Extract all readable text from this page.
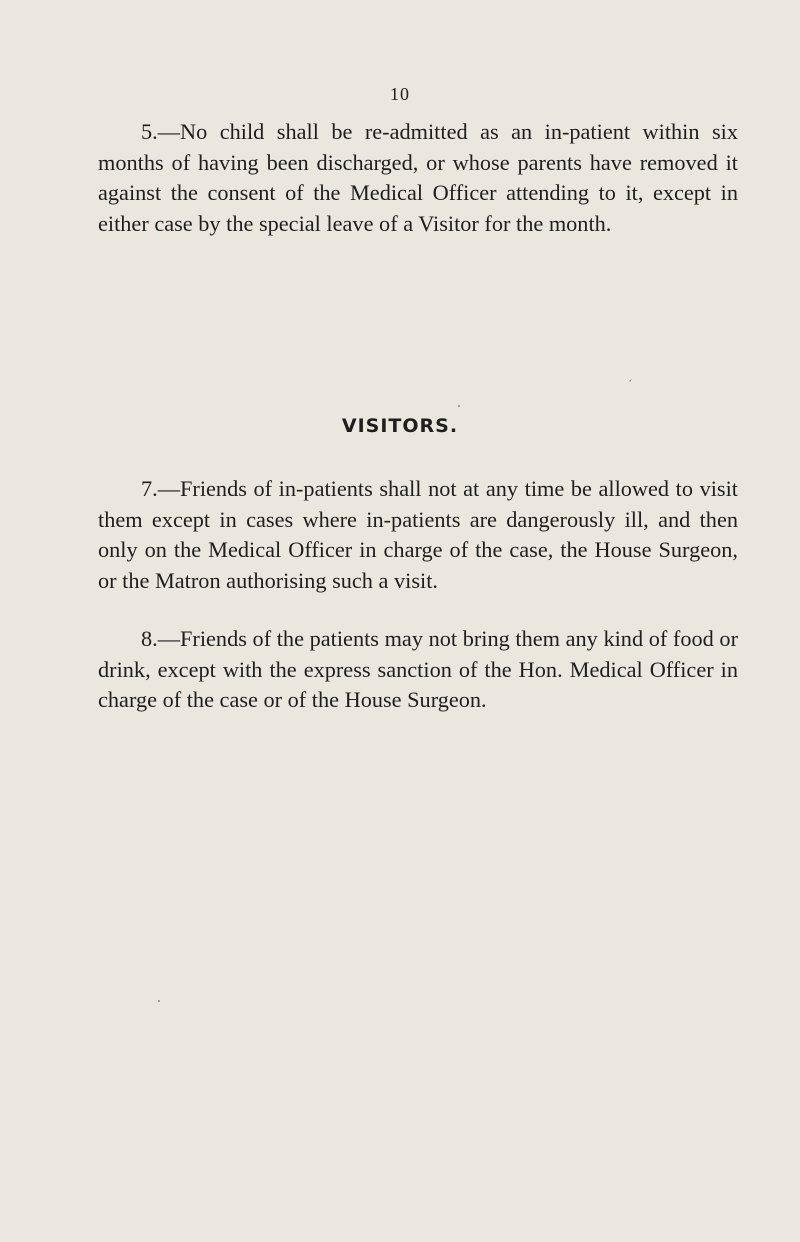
10

5.—No child shall be re-admitted as an in-patient within six months of having been discharged, or whose parents have removed it against the consent of the Medical Officer attending to it, except in either case by the special leave of a Visitor for the month.

VISITORS.

7.—Friends of in-patients shall not at any time be allowed to visit them except in cases where in-patients are dangerously ill, and then only on the Medical Officer in charge of the case, the House Surgeon, or the Matron authorising such a visit.

8.—Friends of the patients may not bring them any kind of food or drink, except with the express sanction of the Hon. Medical Officer in charge of the case or of the House Surgeon.
